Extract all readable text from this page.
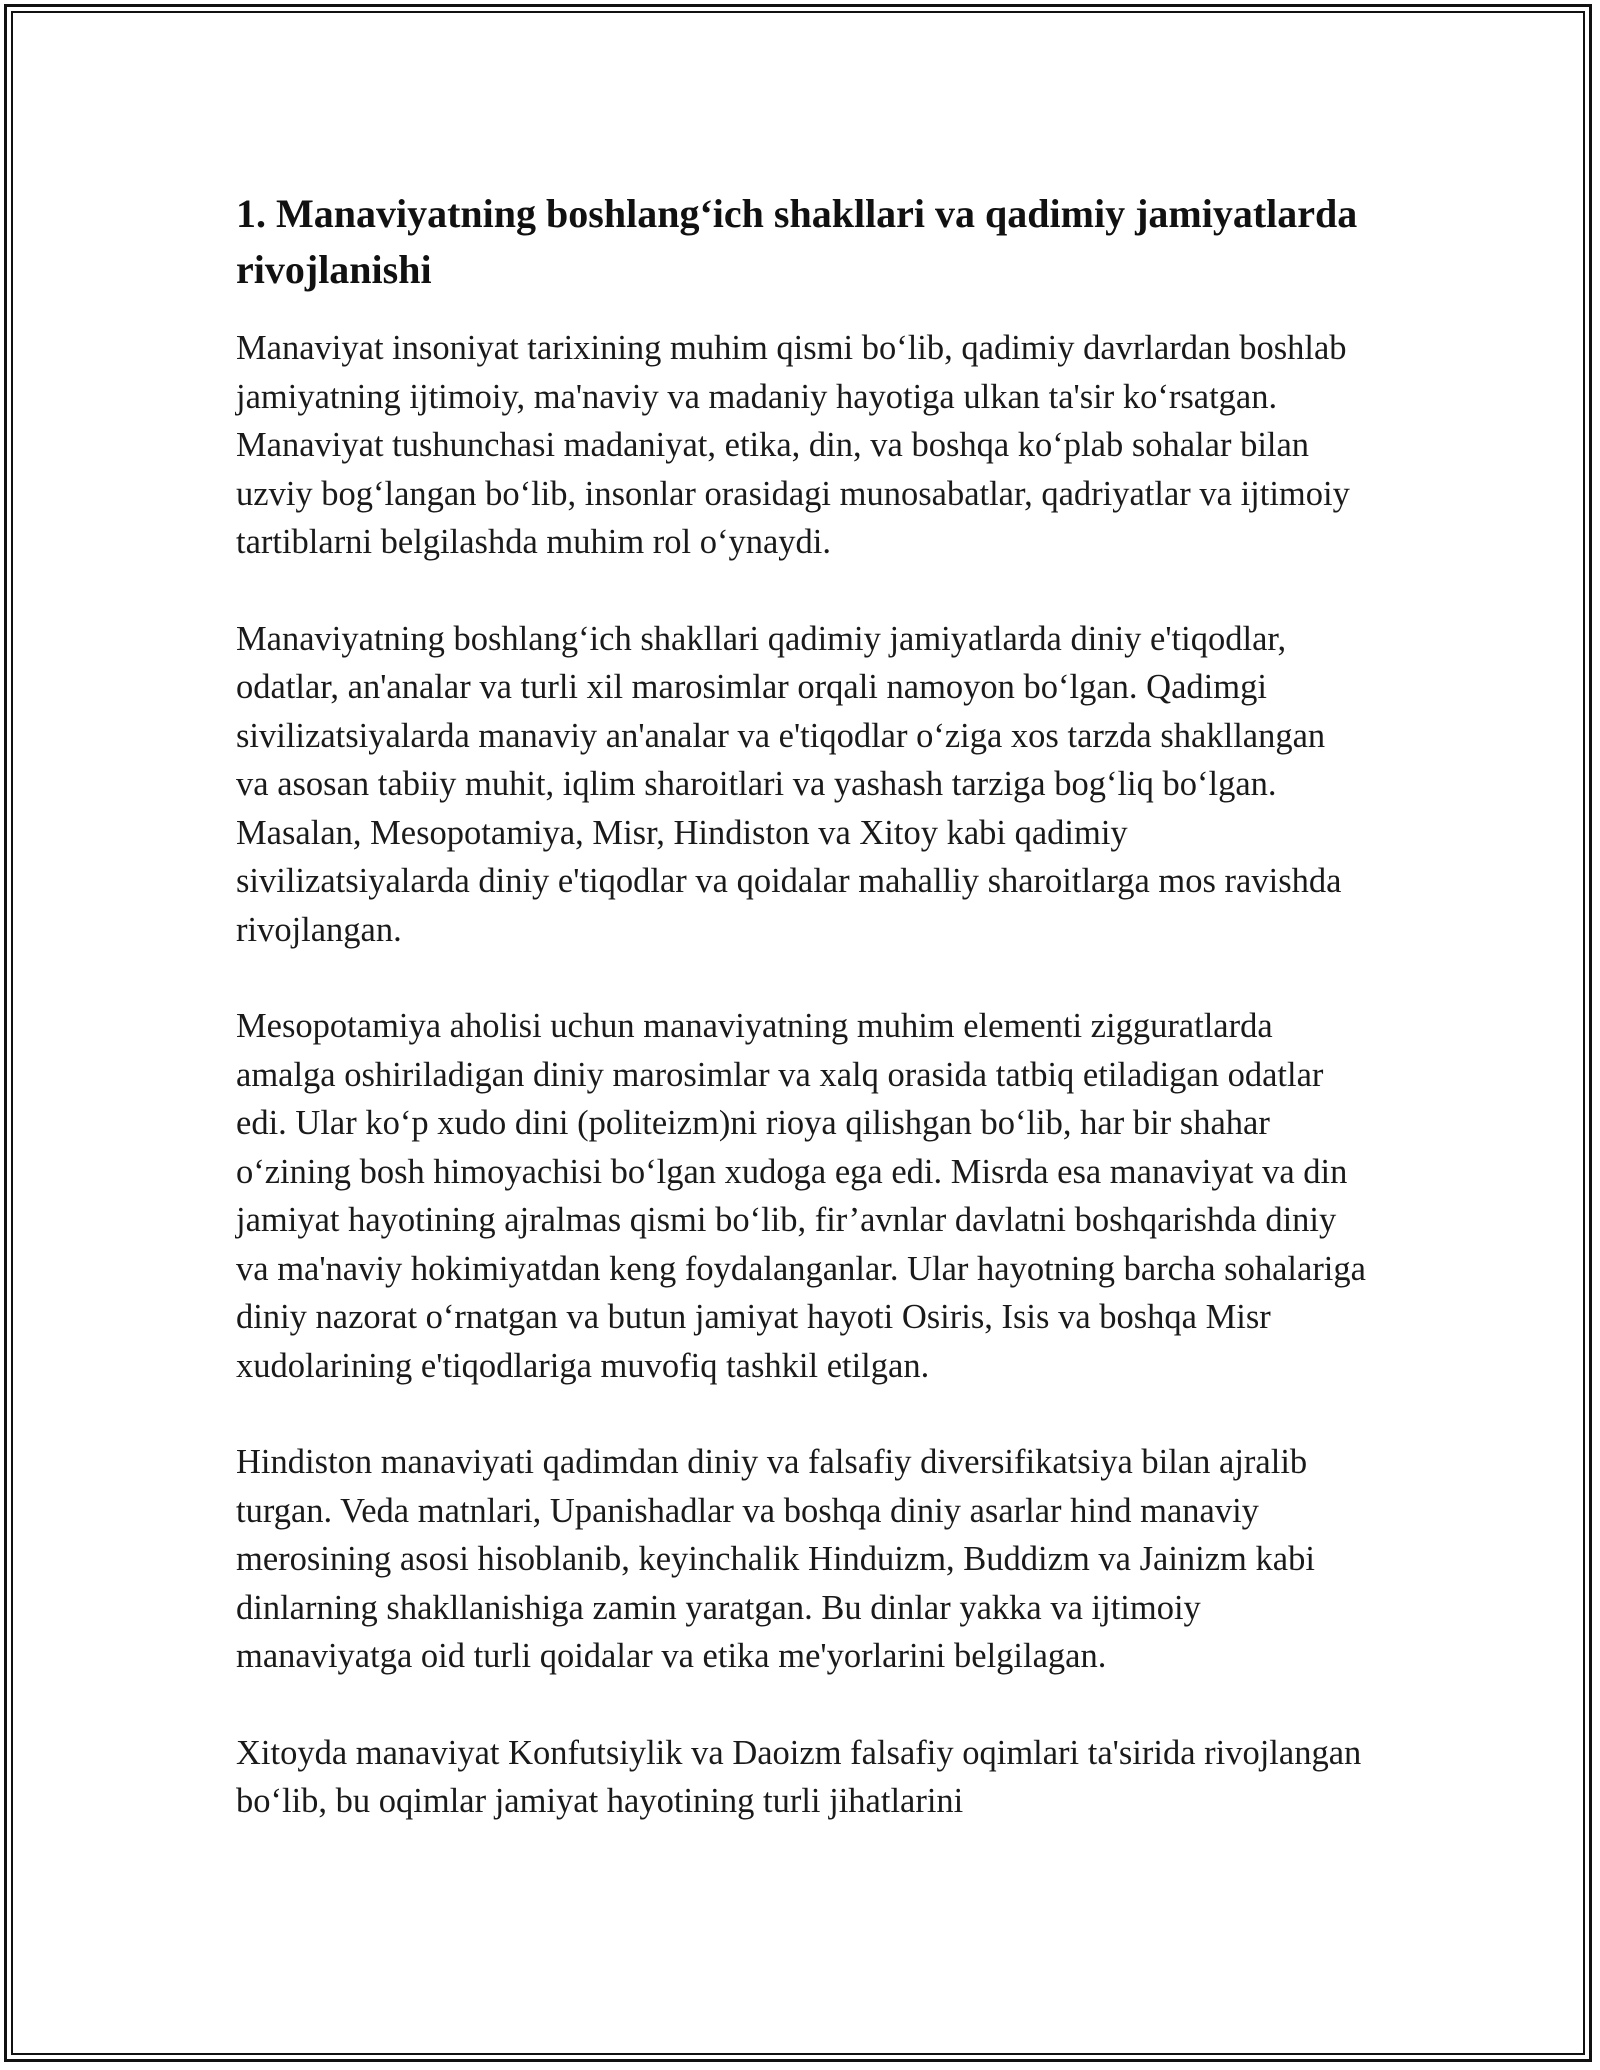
1. Manaviyatning boshlang‘ich shakllari va qadimiy jamiyatlarda rivojlanishi

Manaviyat insoniyat tarixining muhim qismi bo‘lib, qadimiy davrlardan boshlab jamiyatning ijtimoiy, ma'naviy va madaniy hayotiga ulkan ta'sir ko‘rsatgan. Manaviyat tushunchasi madaniyat, etika, din, va boshqa ko‘plab sohalar bilan uzviy bog‘langan bo‘lib, insonlar orasidagi munosabatlar, qadriyatlar va ijtimoiy tartiblarni belgilashda muhim rol o‘ynaydi.

Manaviyatning boshlang‘ich shakllari qadimiy jamiyatlarda diniy e'tiqodlar, odatlar, an'analar va turli xil marosimlar orqali namoyon bo‘lgan. Qadimgi sivilizatsiyalarda manaviy an'analar va e'tiqodlar o‘ziga xos tarzda shakllangan va asosan tabiiy muhit, iqlim sharoitlari va yashash tarziga bog‘liq bo‘lgan. Masalan, Mesopotamiya, Misr, Hindiston va Xitoy kabi qadimiy sivilizatsiyalarda diniy e'tiqodlar va qoidalar mahalliy sharoitlarga mos ravishda rivojlangan.

Mesopotamiya aholisi uchun manaviyatning muhim elementi zigguratlarda amalga oshiriladigan diniy marosimlar va xalq orasida tatbiq etiladigan odatlar edi. Ular ko‘p xudo dini (politeizm)ni rioya qilishgan bo‘lib, har bir shahar o‘zining bosh himoyachisi bo‘lgan xudoga ega edi. Misrda esa manaviyat va din jamiyat hayotining ajralmas qismi bo‘lib, fir’avnlar davlatni boshqarishda diniy va ma'naviy hokimiyatdan keng foydalanganlar. Ular hayotning barcha sohalariga diniy nazorat o‘rnatgan va butun jamiyat hayoti Osiris, Isis va boshqa Misr xudolarining e'tiqodlariga muvofiq tashkil etilgan.

Hindiston manaviyati qadimdan diniy va falsafiy diversifikatsiya bilan ajralib turgan. Veda matnlari, Upanishadlar va boshqa diniy asarlar hind manaviy merosining asosi hisoblanib, keyinchalik Hinduizm, Buddizm va Jainizm kabi dinlarning shakllanishiga zamin yaratgan. Bu dinlar yakka va ijtimoiy manaviyatga oid turli qoidalar va etika me'yorlarini belgilagan.

Xitoyda manaviyat Konfutsiylik va Daoizm falsafiy oqimlari ta'sirida rivojlangan bo‘lib, bu oqimlar jamiyat hayotining turli jihatlarini
